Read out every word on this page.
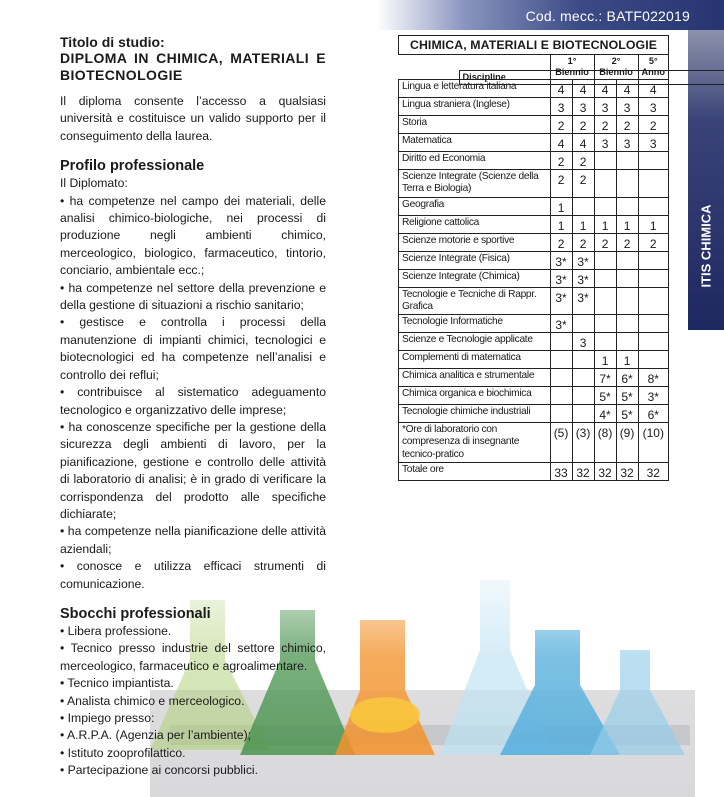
Cod. mecc.: BATF022019
ITIS CHIMICA
Titolo di studio:
DIPLOMA IN CHIMICA, MATERIALI E BIOTECNOLOGIE

Il diploma consente l’accesso a qualsiasi università e costituisce un valido supporto per il conseguimento della laurea.

Profilo professionale
Il Diplomato:
• ha competenze nel campo dei materiali, delle analisi chimico-biologiche, nei processi di produzione negli ambienti chimico, merceologico, biologico, farmaceutico, tintorio, conciario, ambientale ecc.;
• ha competenze nel settore della prevenzione e della gestione di situazioni a rischio sanitario;
• gestisce e controlla i processi della manutenzione di impianti chimici, tecnologici e biotecnologici ed ha competenze nell’analisi e controllo dei reflui;
• contribuisce al sistematico adeguamento tecnologico e organizzativo delle imprese;
• ha conoscenze specifiche per la gestione della sicurezza degli ambienti di lavoro, per la pianificazione, gestione e controllo delle attività di laboratorio di analisi; è in grado di verificare la corrispondenza del prodotto alle specifiche dichiarate;
• ha competenze nella pianificazione delle attività aziendali;
• conosce e utilizza efficaci strumenti di comunicazione.
Sbocchi professionali
• Libera professione.
• Tecnico presso industrie del settore chimico, merceologico, farmaceutico e agroalimentare.
• Tecnico impiantista.
• Analista chimico e merceologico.
• Impiego presso:
• A.R.P.A. (Agenzia per l’ambiente);
• Istituto zooprofilattico.
• Partecipazione ai concorsi pubblici.
CHIMICA, MATERIALI E BIOTECNOLOGIE					

Discipline
1° Biennio		2° Biennio		5° Anno
Lingua e letteratura italiana	4	4	4	4	4
Lingua straniera (Inglese)	3	3	3	3	3
Storia	2	2	2	2	2
Matematica	4	4	3	3	3
Diritto ed Economia	2	2			
Scienze Integrate (Scienze della Terra e Biologia)	2	2			
Geografia	1				
Religione cattolica	1	1	1	1	1
Scienze motorie e sportive	2	2	2	2	2
Scienze Integrate (Fisica)	3*	3*			
Scienze Integrate (Chimica)	3*	3*			
Tecnologie e Tecniche di Rappr. Grafica	3*	3*			
Tecnologie Informatiche	3*				
Scienze e Tecnologie applicate		3			
Complementi di matematica			1	1	
Chimica analitica e strumentale			7*	6*	8*
Chimica organica e biochimica			5*	5*	3*
Tecnologie chimiche industriali			4*	5*	6*
*Ore di laboratorio con compresenza di insegnante tecnico-pratico	(5)	(3)	(8)	(9)	(10)
Totale ore	33	32	32	32	32
